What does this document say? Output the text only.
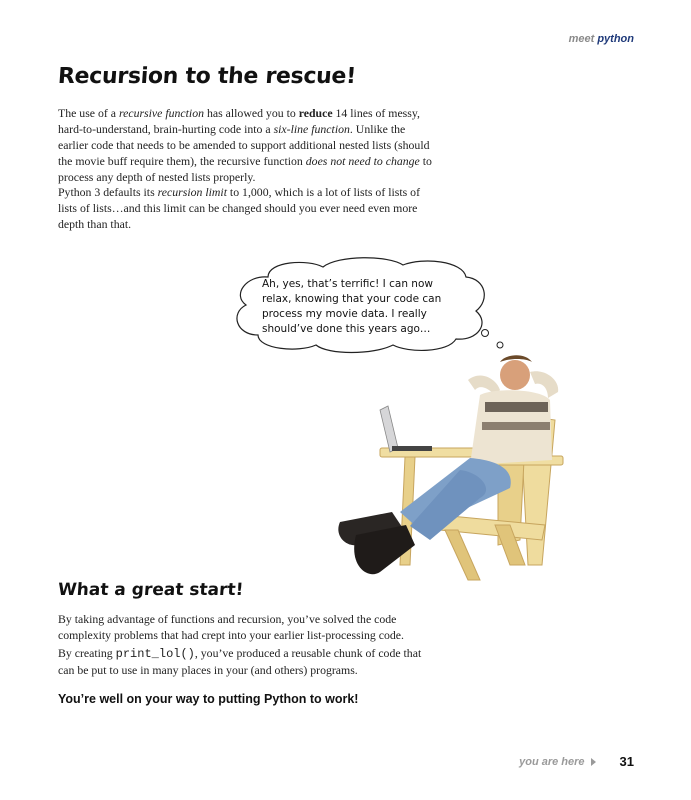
meet python
Recursion to the rescue!

The use of a recursive function has allowed you to reduce 14 lines of messy, hard-to-understand, brain-hurting code into a six-line function. Unlike the earlier code that needs to be amended to support additional nested lists (should the movie buff require them), the recursive function does not need to change to process any depth of nested lists properly.

Python 3 defaults its recursion limit to 1,000, which is a lot of lists of lists of lists of lists…and this limit can be changed should you ever need even more depth than that.

Ah, yes, that’s terrific! I can now relax, knowing that your code can process my movie data. I really should’ve done this years ago…
What a great start!

By taking advantage of functions and recursion, you’ve solved the code complexity problems that had crept into your earlier list-processing code.

By creating print_lol(), you’ve produced a reusable chunk of code that can be put to use in many places in your (and others) programs.

You’re well on your way to putting Python to work!

you are here	31
